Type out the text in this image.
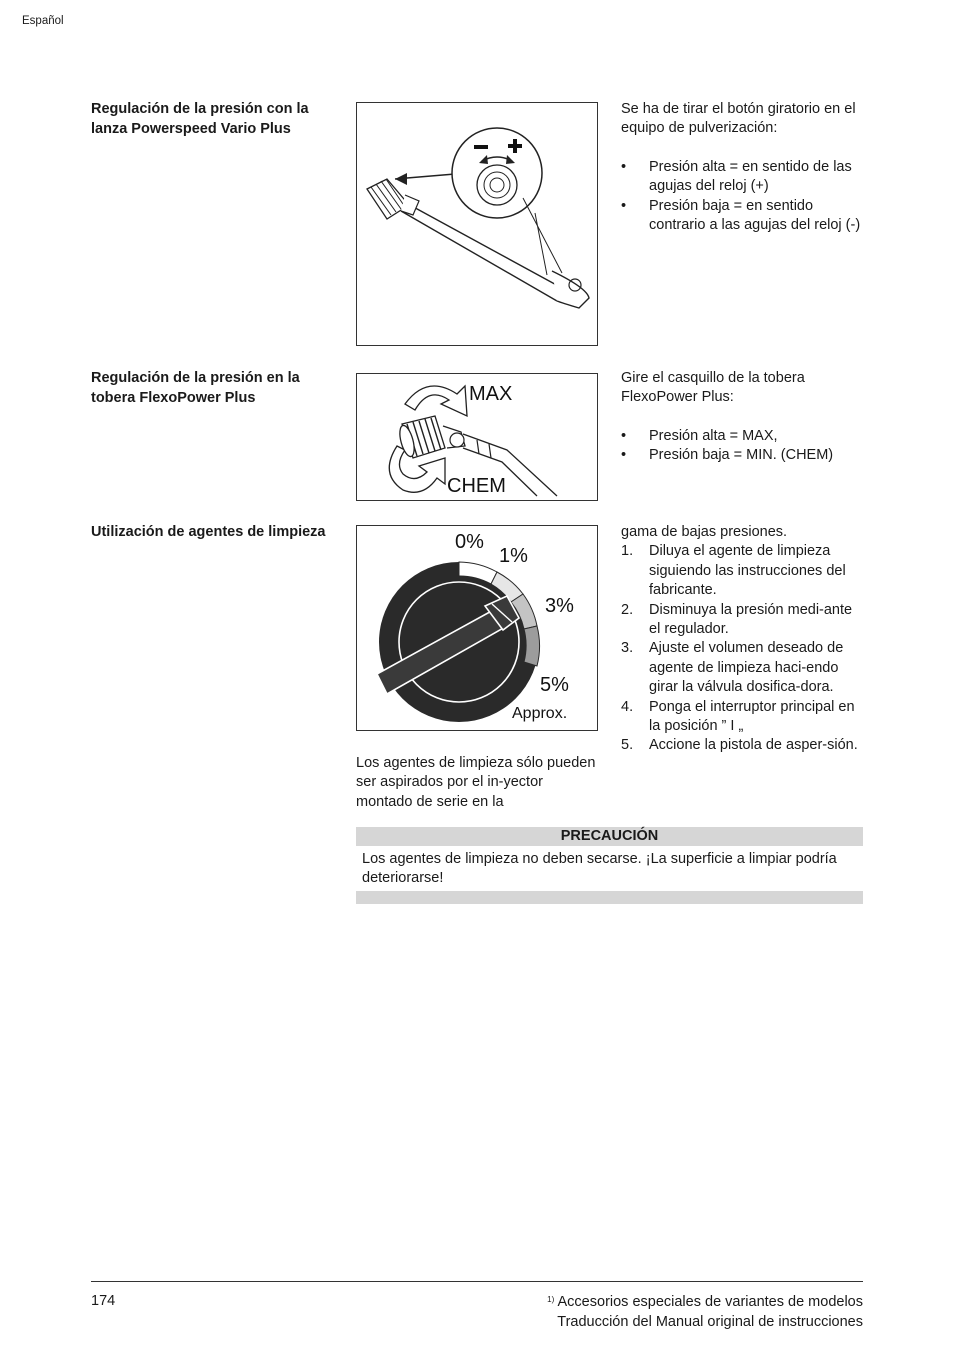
Español
Regulación de la presión con la lanza Powerspeed Vario Plus
Se ha de tirar el botón giratorio en el equipo de pulverización:
• Presión alta = en sentido de las agujas del reloj (+)
• Presión baja = en sentido contrario a las agujas del reloj (-)
Regulación de la presión en la tobera FlexoPower Plus	MAX
CHEM
Gire el casquillo de la tobera FlexoPower Plus:
• Presión alta = MAX,
• Presión baja = MIN. (CHEM)
Utilización de agentes de limpieza	0%
1%
3%
5%
Approx.
Los agentes de limpieza sólo pueden ser aspirados por el in-yector montado de serie en la
gama de bajas presiones.
1. Diluya el agente de limpieza siguiendo las instrucciones del fabricante.
2. Disminuya la presión medi-ante el regulador.
3. Ajuste el volumen deseado de agente de limpieza haci-endo girar la válvula dosifica-dora.
4. Ponga el interruptor principal en la posición ” I „
5. Accione la pistola de asper-sión.
PRECAUCIÓN
Los agentes de limpieza no deben secarse. ¡La superficie a limpiar podría deteriorarse!
174	$^{1)}$ Accesorios especiales de variantes de modelos
Traducción del Manual original de instrucciones
